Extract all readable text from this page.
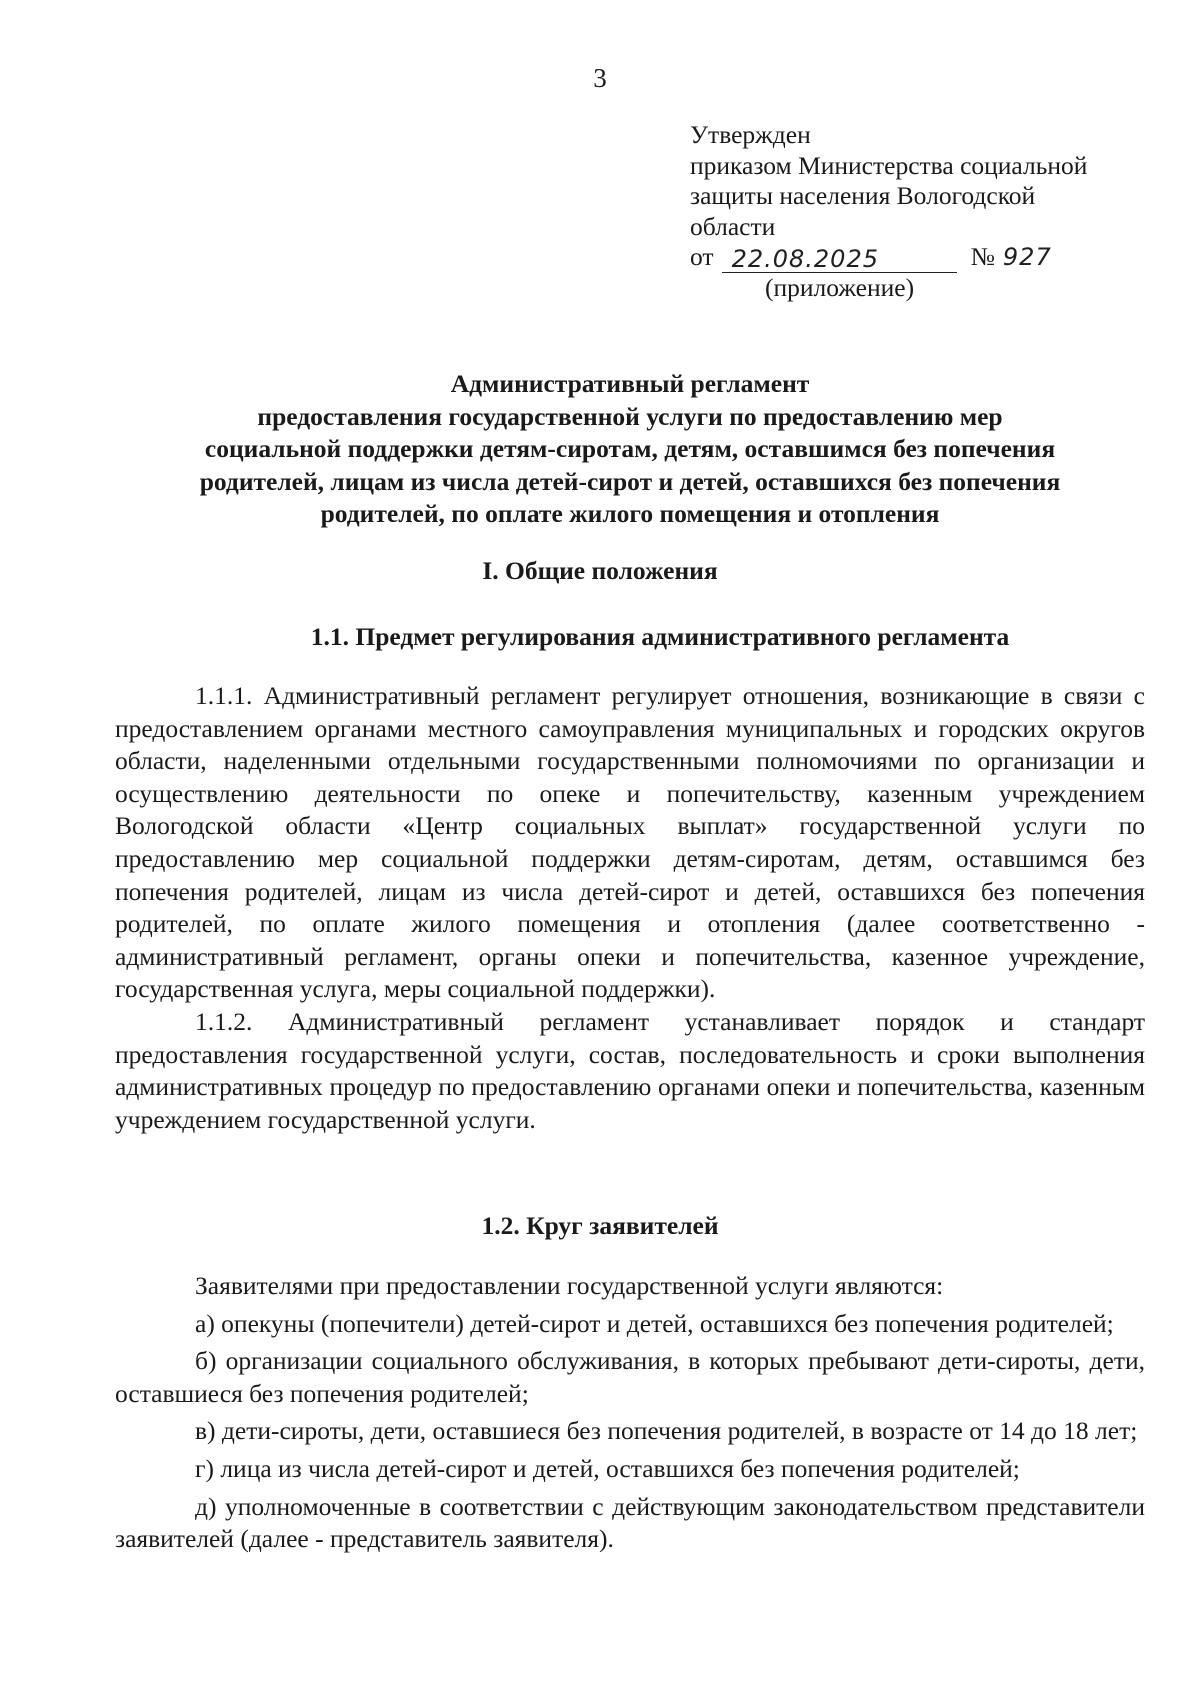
3
Утвержден
приказом Министерства социальной
защиты населения Вологодской
области
от 22.08.2025	№ 927
(приложение)
Административный регламент
предоставления государственной услуги по предоставлению мер
социальной поддержки детям-сиротам, детям, оставшимся без попечения
родителей, лицам из числа детей-сирот и детей, оставшихся без попечения
родителей, по оплате жилого помещения и отопления
I. Общие положения
1.1. Предмет регулирования административного регламента

1.1.1. Административный регламент регулирует отношения, возникающие в связи с предоставлением органами местного самоуправления муниципальных и городских округов области, наделенными отдельными государственными полномочиями по организации и осуществлению деятельности по опеке и попечительству, казенным учреждением Вологодской области «Центр социальных выплат» государственной услуги по предоставлению мер социальной поддержки детям-сиротам, детям, оставшимся без попечения родителей, лицам из числа детей-сирот и детей, оставшихся без попечения родителей, по оплате жилого помещения и отопления (далее соответственно - административный регламент, органы опеки и попечительства, казенное учреждение, государственная услуга, меры социальной поддержки).

1.1.2. Административный регламент устанавливает порядок и стандарт предоставления государственной услуги, состав, последовательность и сроки выполнения административных процедур по предоставлению органами опеки и попечительства, казенным учреждением государственной услуги.

1.2. Круг заявителей

Заявителями при предоставлении государственной услуги являются:

а) опекуны (попечители) детей-сирот и детей, оставшихся без попечения родителей;

б) организации социального обслуживания, в которых пребывают дети-сироты, дети, оставшиеся без попечения родителей;

в) дети-сироты, дети, оставшиеся без попечения родителей, в возрасте от 14 до 18 лет;

г) лица из числа детей-сирот и детей, оставшихся без попечения родителей;

д) уполномоченные в соответствии с действующим законодательством представители заявителей (далее - представитель заявителя).
